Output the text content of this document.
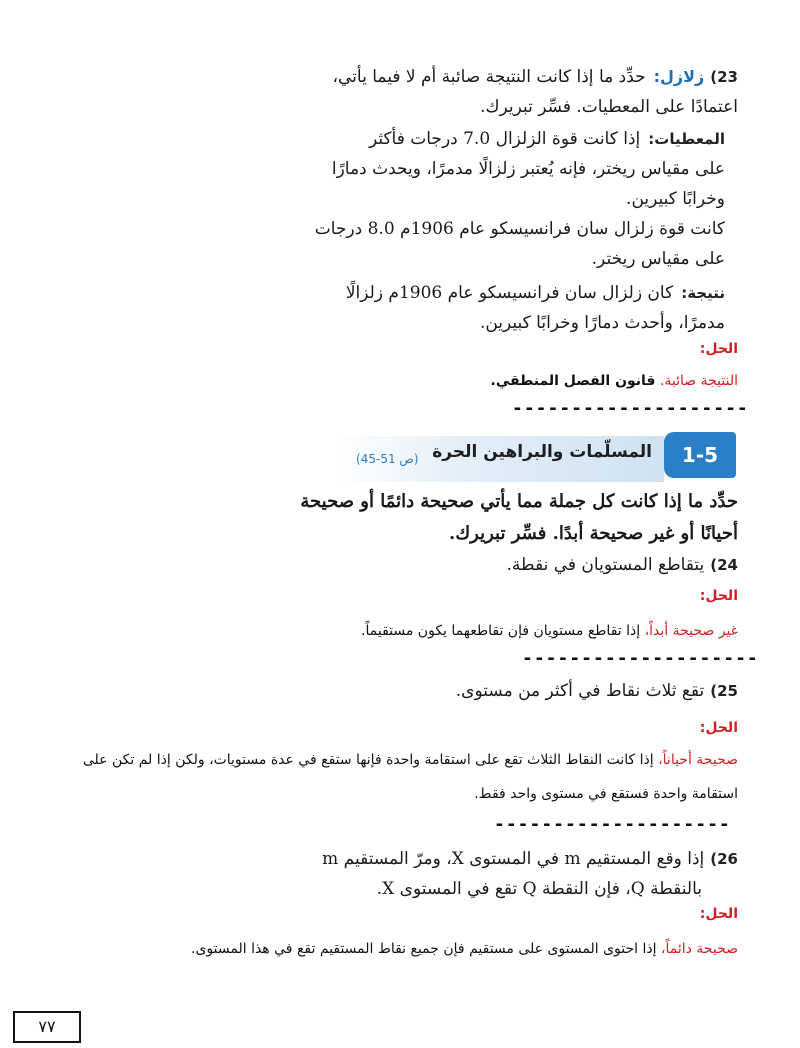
23)زلازل:حدِّد ما إذا كانت النتيجة صائبة أم لا فيما يأتي،
اعتمادًا على المعطيات. فسِّر تبريرك.
المعطيات:إذا كانت قوة الزلزال 7.0 درجات فأكثر
على مقياس ريختر، فإنه يُعتبر زلزالًا مدمرًا، ويحدث دمارًا
وخرابًا كبيرين.
كانت قوة زلزال سان فرانسيسكو عام 1906م 8.0 درجات
على مقياس ريختر.
نتيجة:كان زلزال سان فرانسيسكو عام 1906م زلزالًا
مدمرًا، وأحدث دمارًا وخرابًا كبيرين.
الحل:
النتيجة صائبة. قانون الفصل المنطقي.
--------------------
1-5
المسلّمات والبراهين الحرة
(ص 51-45)
حدِّد ما إذا كانت كل جملة مما يأتي صحيحة دائمًا أو صحيحة
أحيانًا أو غير صحيحة أبدًا. فسِّر تبريرك.
24)يتقاطع المستويان في نقطة.
الحل:
غير صحيحة أبداً، إذا تقاطع مستويان فإن تقاطعهما يكون مستقيماً.
--------------------
25)تقع ثلاث نقاط في أكثر من مستوى.
الحل:
صحيحة أحياناً، إذا كانت النقاط الثلاث تقع على استقامة واحدة فإنها ستقع في عدة مستويات، ولكن إذا لم تكن على
استقامة واحدة فستقع في مستوى واحد فقط.
--------------------
26)إذا وقع المستقيم m في المستوى X، ومرّ المستقيم m
بالنقطة Q، فإن النقطة Q تقع في المستوى X.
الحل:
صحيحة دائماً، إذا احتوى المستوى على مستقيم فإن جميع نقاط المستقيم تقع في هذا المستوى.
٧٧
